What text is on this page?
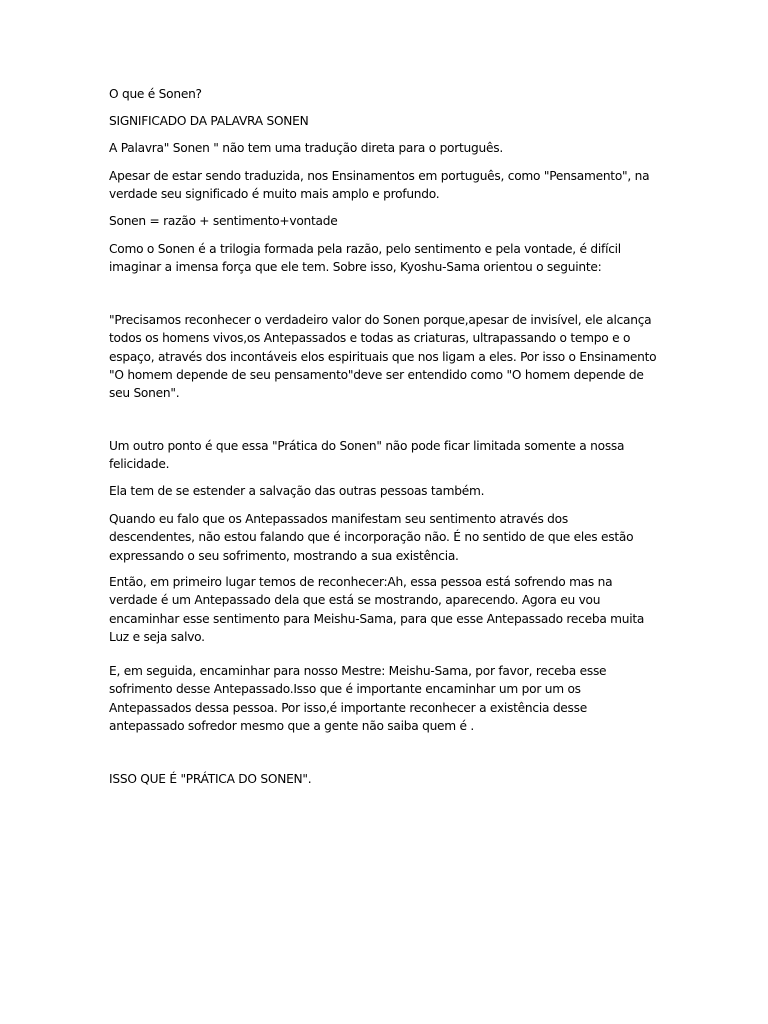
O que é Sonen?

SIGNIFICADO DA PALAVRA SONEN

A Palavra" Sonen " não tem uma tradução direta para o português.

Apesar de estar sendo traduzida, nos Ensinamentos em português, como "Pensamento", na verdade seu significado é muito mais amplo e profundo.

Sonen = razão + sentimento+vontade

Como o Sonen é a trilogia formada pela razão, pelo sentimento e pela vontade, é difícil imaginar a imensa força que ele tem. Sobre isso, Kyoshu-Sama orientou o seguinte:

"Precisamos reconhecer o verdadeiro valor do Sonen porque,apesar de invisível, ele alcança todos os homens vivos,os Antepassados e todas as criaturas, ultrapassando o tempo e o espaço, através dos incontáveis elos espirituais que nos ligam a eles. Por isso o Ensinamento "O homem depende de seu pensamento"deve ser entendido como "O homem depende de seu Sonen".

Um outro ponto é que essa "Prática do Sonen" não pode ficar limitada somente a nossa felicidade.

Ela tem de se estender a salvação das outras pessoas também.

Quando eu falo que os Antepassados manifestam seu sentimento através dos descendentes, não estou falando que é incorporação não. É no sentido de que eles estão expressando o seu sofrimento, mostrando a sua existência.

Então, em primeiro lugar temos de reconhecer:Ah, essa pessoa está sofrendo mas na verdade é um Antepassado dela que está se mostrando, aparecendo. Agora eu vou encaminhar esse sentimento para Meishu-Sama, para que esse Antepassado receba muita Luz e seja salvo.

E, em seguida, encaminhar para nosso Mestre: Meishu-Sama, por favor, receba esse sofrimento desse Antepassado.Isso que é importante encaminhar um por um os Antepassados dessa pessoa. Por isso,é importante reconhecer a existência desse antepassado sofredor mesmo que a gente não saiba quem é .

ISSO QUE É "PRÁTICA DO SONEN".
